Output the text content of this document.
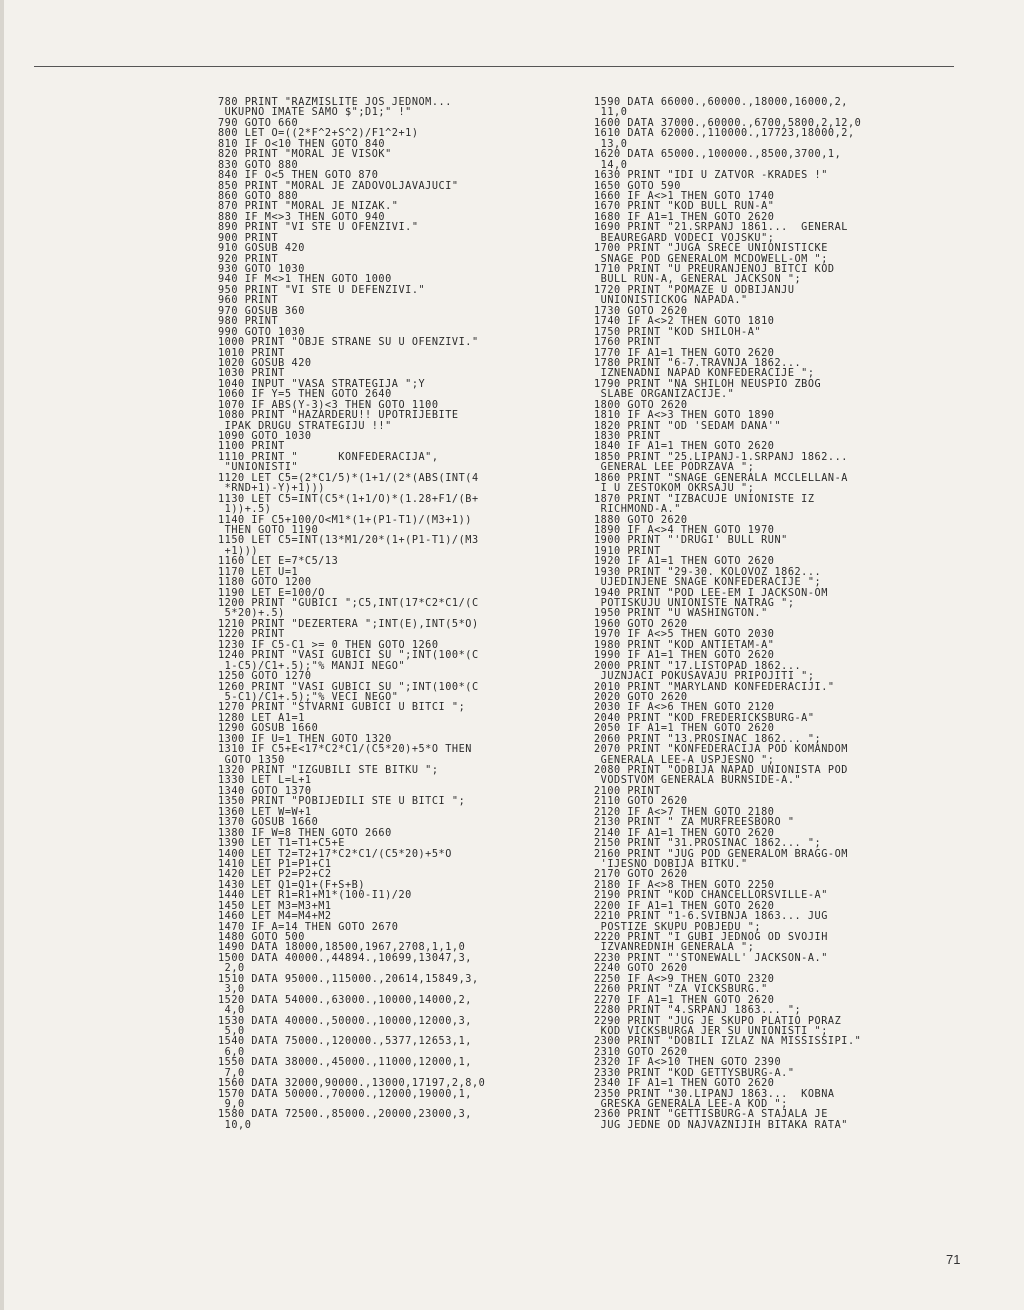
780 PRINT "RAZMISLITE JOS JEDNOM...
UKUPNO IMATE SAMO $";D1;" !"
790 GOTO 660
800 LET O=((2*F^2+S^2)/F1^2+1)
810 IF O<10 THEN GOTO 840
820 PRINT "MORAL JE VISOK"
830 GOTO 880
840 IF O<5 THEN GOTO 870
850 PRINT "MORAL JE ZADOVOLJAVAJUCI"
860 GOTO 880
870 PRINT "MORAL JE NIZAK."
880 IF M<>3 THEN GOTO 940
890 PRINT "VI STE U OFENZIVI."
900 PRINT
910 GOSUB 420
920 PRINT
930 GOTO 1030
940 IF M<>1 THEN GOTO 1000
950 PRINT "VI STE U DEFENZIVI."
960 PRINT
970 GOSUB 360
980 PRINT
990 GOTO 1030
1000 PRINT "OBJE STRANE SU U OFENZIVI."
1010 PRINT
1020 GOSUB 420
1030 PRINT
1040 INPUT "VASA STRATEGIJA ";Y
1060 IF Y=5 THEN GOTO 2640
1070 IF ABS(Y-3)<3 THEN GOTO 1100
1080 PRINT "HAZARDERU!! UPOTRIJEBITE
IPAK DRUGU STRATEGIJU !!"
1090 GOTO 1030
1100 PRINT
1110 PRINT "      KONFEDERACIJA",
"UNIONISTI"
1120 LET C5=(2*C1/5)*(1+1/(2*(ABS(INT(4
*RND+1)-Y)+1)))
1130 LET C5=INT(C5*(1+1/O)*(1.28+F1/(B+
1))+.5)
1140 IF C5+100/O<M1*(1+(P1-T1)/(M3+1))
THEN GOTO 1190
1150 LET C5=INT(13*M1/20*(1+(P1-T1)/(M3
+1)))
1160 LET E=7*C5/13
1170 LET U=1
1180 GOTO 1200
1190 LET E=100/O
1200 PRINT "GUBICI ";C5,INT(17*C2*C1/(C
5*20)+.5)
1210 PRINT "DEZERTERA ";INT(E),INT(5*O)
1220 PRINT
1230 IF C5-C1 >= 0 THEN GOTO 1260
1240 PRINT "VASI GUBICI SU ";INT(100*(C
1-C5)/C1+.5);"% MANJI NEGO"
1250 GOTO 1270
1260 PRINT "VASI GUBICI SU ";INT(100*(C
5-C1)/C1+.5);"% VECI NEGO"
1270 PRINT "STVARNI GUBICI U BITCI ";
1280 LET A1=1
1290 GOSUB 1660
1300 IF U=1 THEN GOTO 1320
1310 IF C5+E<17*C2*C1/(C5*20)+5*O THEN
GOTO 1350
1320 PRINT "IZGUBILI STE BITKU ";
1330 LET L=L+1
1340 GOTO 1370
1350 PRINT "POBIJEDILI STE U BITCI ";
1360 LET W=W+1
1370 GOSUB 1660
1380 IF W=8 THEN GOTO 2660
1390 LET T1=T1+C5+E
1400 LET T2=T2+17*C2*C1/(C5*20)+5*O
1410 LET P1=P1+C1
1420 LET P2=P2+C2
1430 LET Q1=Q1+(F+S+B)
1440 LET R1=R1+M1*(100-I1)/20
1450 LET M3=M3+M1
1460 LET M4=M4+M2
1470 IF A=14 THEN GOTO 2670
1480 GOTO 500
1490 DATA 18000,18500,1967,2708,1,1,0
1500 DATA 40000.,44894.,10699,13047,3,
2,0
1510 DATA 95000.,115000.,20614,15849,3,
3,0
1520 DATA 54000.,63000.,10000,14000,2,
4,0
1530 DATA 40000.,50000.,10000,12000,3,
5,0
1540 DATA 75000.,120000.,5377,12653,1,
6,0
1550 DATA 38000.,45000.,11000,12000,1,
7,0
1560 DATA 32000,90000.,13000,17197,2,8,0
1570 DATA 50000.,70000.,12000,19000,1,
9,0
1580 DATA 72500.,85000.,20000,23000,3,
10,0
1590 DATA 66000.,60000.,18000,16000,2,
11,0
1600 DATA 37000.,60000.,6700,5800,2,12,0
1610 DATA 62000.,110000.,17723,18000,2,
13,0
1620 DATA 65000.,100000.,8500,3700,1,
14,0
1630 PRINT "IDI U ZATVOR -KRADES !"
1650 GOTO 590
1660 IF A<>1 THEN GOTO 1740
1670 PRINT "KOD BULL RUN-A"
1680 IF A1=1 THEN GOTO 2620
1690 PRINT "21.SRPANJ 1861...  GENERAL
BEAUREGARD VODECI VOJSKU";
1700 PRINT "JUGA SRECE UNIONISTICKE
SNAGE POD GENERALOM MCDOWELL-OM ";
1710 PRINT "U PREURANJENOJ BITCI KOD
BULL RUN-A, GENERAL JACKSON ";
1720 PRINT "POMAZE U ODBIJANJU
UNIONISTICKOG NAPADA."
1730 GOTO 2620
1740 IF A<>2 THEN GOTO 1810
1750 PRINT "KOD SHILOH-A"
1760 PRINT
1770 IF A1=1 THEN GOTO 2620
1780 PRINT "6-7.TRAVNJA 1862...
IZNENADNI NAPAD KONFEDERACIJE ";
1790 PRINT "NA SHILOH NEUSPIO ZBOG
SLABE ORGANIZACIJE."
1800 GOTO 2620
1810 IF A<>3 THEN GOTO 1890
1820 PRINT "OD 'SEDAM DANA'"
1830 PRINT
1840 IF A1=1 THEN GOTO 2620
1850 PRINT "25.LIPANJ-1.SRPANJ 1862...
GENERAL LEE PODRZAVA ";
1860 PRINT "SNAGE GENERALA MCCLELLAN-A
I U ZESTOKOM OKRSAJU ";
1870 PRINT "IZBACUJE UNIONISTE IZ
RICHMOND-A."
1880 GOTO 2620
1890 IF A<>4 THEN GOTO 1970
1900 PRINT "'DRUGI' BULL RUN"
1910 PRINT
1920 IF A1=1 THEN GOTO 2620
1930 PRINT "29-30. KOLOVOZ 1862...
UJEDINJENE SNAGE KONFEDERACIJE ";
1940 PRINT "POD LEE-EM I JACKSON-OM
POTISKUJU UNIONISTE NATRAG ";
1950 PRINT "U WASHINGTON."
1960 GOTO 2620
1970 IF A<>5 THEN GOTO 2030
1980 PRINT "KOD ANTIETAM-A"
1990 IF A1=1 THEN GOTO 2620
2000 PRINT "17.LISTOPAD 1862...
JUZNJACI POKUSAVAJU PRIPOJITI ";
2010 PRINT "MARYLAND KONFEDERACIJI."
2020 GOTO 2620
2030 IF A<>6 THEN GOTO 2120
2040 PRINT "KOD FREDERICKSBURG-A"
2050 IF A1=1 THEN GOTO 2620
2060 PRINT "13.PROSINAC 1862... ";
2070 PRINT "KONFEDERACIJA POD KOMANDOM
GENERALA LEE-A USPJESNO ";
2080 PRINT "ODBIJA NAPAD UNIONISTA POD
VODSTVOM GENERALA BURNSIDE-A."
2100 PRINT
2110 GOTO 2620
2120 IF A<>7 THEN GOTO 2180
2130 PRINT " ZA MURFREESBORO "
2140 IF A1=1 THEN GOTO 2620
2150 PRINT "31.PROSINAC 1862... ";
2160 PRINT "JUG POD GENERALOM BRAGG-OM
'IJESNO DOBIJA BITKU."
2170 GOTO 2620
2180 IF A<>8 THEN GOTO 2250
2190 PRINT "KOD CHANCELLORSVILLE-A"
2200 IF A1=1 THEN GOTO 2620
2210 PRINT "1-6.SVIBNJA 1863... JUG
POSTIZE SKUPU POBJEDU ";
2220 PRINT "I GUBI JEDNOG OD SVOJIH
IZVANREDNIH GENERALA ";
2230 PRINT "'STONEWALL' JACKSON-A."
2240 GOTO 2620
2250 IF A<>9 THEN GOTO 2320
2260 PRINT "ZA VICKSBURG."
2270 IF A1=1 THEN GOTO 2620
2280 PRINT "4.SRPANJ 1863... ";
2290 PRINT "JUG JE SKUPO PLATIO PORAZ
KOD VICKSBURGA JER SU UNIONISTI ";
2300 PRINT "DOBILI IZLAZ NA MISSISSIPI."
2310 GOTO 2620
2320 IF A<>10 THEN GOTO 2390
2330 PRINT "KOD GETTYSBURG-A."
2340 IF A1=1 THEN GOTO 2620
2350 PRINT "30.LIPANJ 1863...  KOBNA
GRESKA GENERALA LEE-A KOD ";
2360 PRINT "GETTISBURG-A STAJALA JE
JUG JEDNE OD NAJVAZNIJIH BITAKA RATA"
71
